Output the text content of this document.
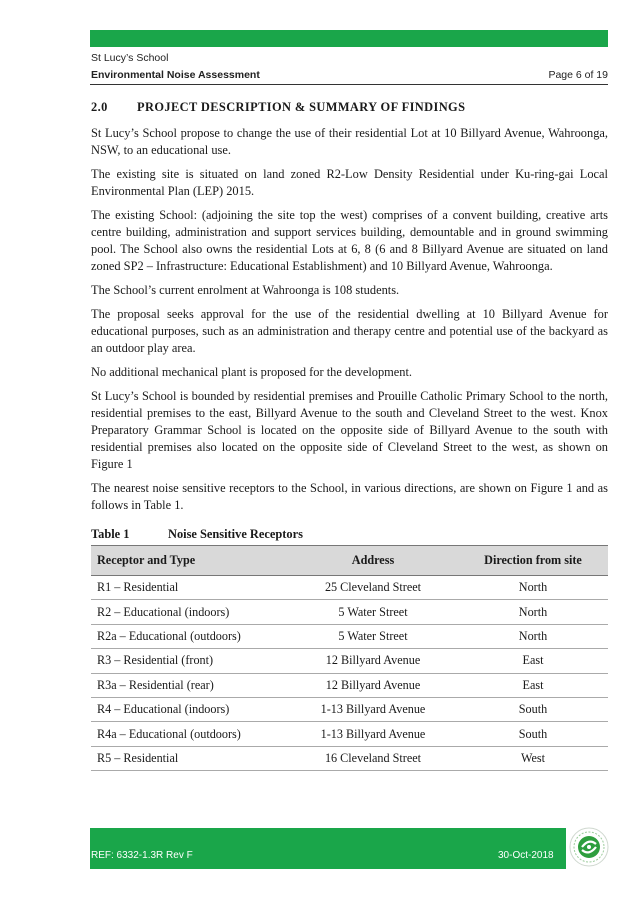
St Lucy’s School
Environmental Noise Assessment	Page 6 of 19
2.0 PROJECT DESCRIPTION & SUMMARY OF FINDINGS

St Lucy’s School propose to change the use of their residential Lot at 10 Billyard Avenue, Wahroonga, NSW, to an educational use.

The existing site is situated on land zoned R2-Low Density Residential under Ku-ring-gai Local Environmental Plan (LEP) 2015.

The existing School: (adjoining the site top the west) comprises of a convent building, creative arts centre building, administration and support services building, demountable and in ground swimming pool. The School also owns the residential Lots at 6, 8 (6 and 8 Billyard Avenue are situated on land zoned SP2 – Infrastructure: Educational Establishment) and 10 Billyard Avenue, Wahroonga.

The School’s current enrolment at Wahroonga is 108 students.

The proposal seeks approval for the use of the residential dwelling at 10 Billyard Avenue for educational purposes, such as an administration and therapy centre and potential use of the backyard as an outdoor play area.

No additional mechanical plant is proposed for the development.

St Lucy’s School is bounded by residential premises and Prouille Catholic Primary School to the north, residential premises to the east, Billyard Avenue to the south and Cleveland Street to the west. Knox Preparatory Grammar School is located on the opposite side of Billyard Avenue to the south with residential premises also located on the opposite side of Cleveland Street to the west, as shown on Figure 1

The nearest noise sensitive receptors to the School, in various directions, are shown on Figure 1 and as follows in Table 1.

Table 1	Noise Sensitive Receptors
Receptor and Type	Address	Direction from site
R1 – Residential	25 Cleveland Street	North
R2 – Educational (indoors)	5 Water Street	North
R2a – Educational (outdoors)	5 Water Street	North
R3 – Residential (front)	12 Billyard Avenue	East
R3a – Residential (rear)	12 Billyard Avenue	East
R4 – Educational (indoors)	1-13 Billyard Avenue	South
R4a – Educational (outdoors)	1-13 Billyard Avenue	South
R5 – Residential	16 Cleveland Street	West
REF: 6332-1.3R Rev F	30-Oct-2018
